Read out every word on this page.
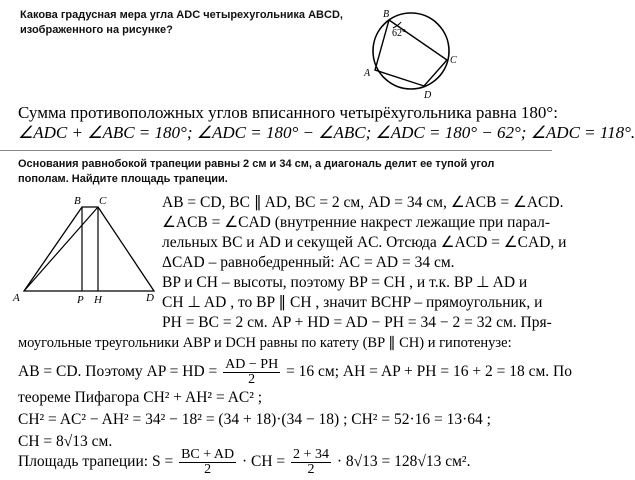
Какова градусная мера угла ADC четырехугольника ABCD,
изображенного на рисунке?	62°
B
C
A
D
Сумма противоположных углов вписанного четырёхугольника равна 180°:
∠ADC + ∠ABC = 180°; ∠ADC = 180° − ∠ABC; ∠ADC = 180° − 62°; ∠ADC = 118°.
Основания равнобокой трапеции равны 2 см и 34 см, а диагональ делит ее тупой угол
пополам. Найдите площадь трапеции.
B C
A	P H	D
AB = CD, BC ∥ AD, BC = 2 см, AD = 34 см, ∠ACB = ∠ACD.
∠ACB = ∠CAD (внутренние накрест лежащие при парал-
лельных BC и AD и секущей AC. Отсюда ∠ACD = ∠CAD, и
ΔCAD – равнобедренный: AC = AD = 34 см.
BP и CH – высоты, поэтому BP = CH , и т.к. BP ⊥ AD и
CH ⊥ AD , то BP ∥ CH , значит BCHP – прямоугольник, и
PH = BC = 2 см. AP + HD = AD − PH = 34 − 2 = 32 см. Пря-
моугольные треугольники ABP и DCH равны по катету (BP ∥ CH) и гипотенузе:
AB = CD. Поэтому AP = HD = $\frac{AD - PH}{2} = 16$ см; AH = AP + PH = 16 + 2 = 18 см. По
теореме Пифагора CH² + AH² = AC² ;
CH² = AC² − AH² = 34² − 18² = (34 + 18)·(34 − 18) ; CH² = 52·16 = 13·64 ;
CH = 8√13 см.
Площадь трапеции: $S = \frac{BC + AD}{2}$ · CH = $\frac{2 + 34}{2} \cdot 8√13 = 128√13$ см².
